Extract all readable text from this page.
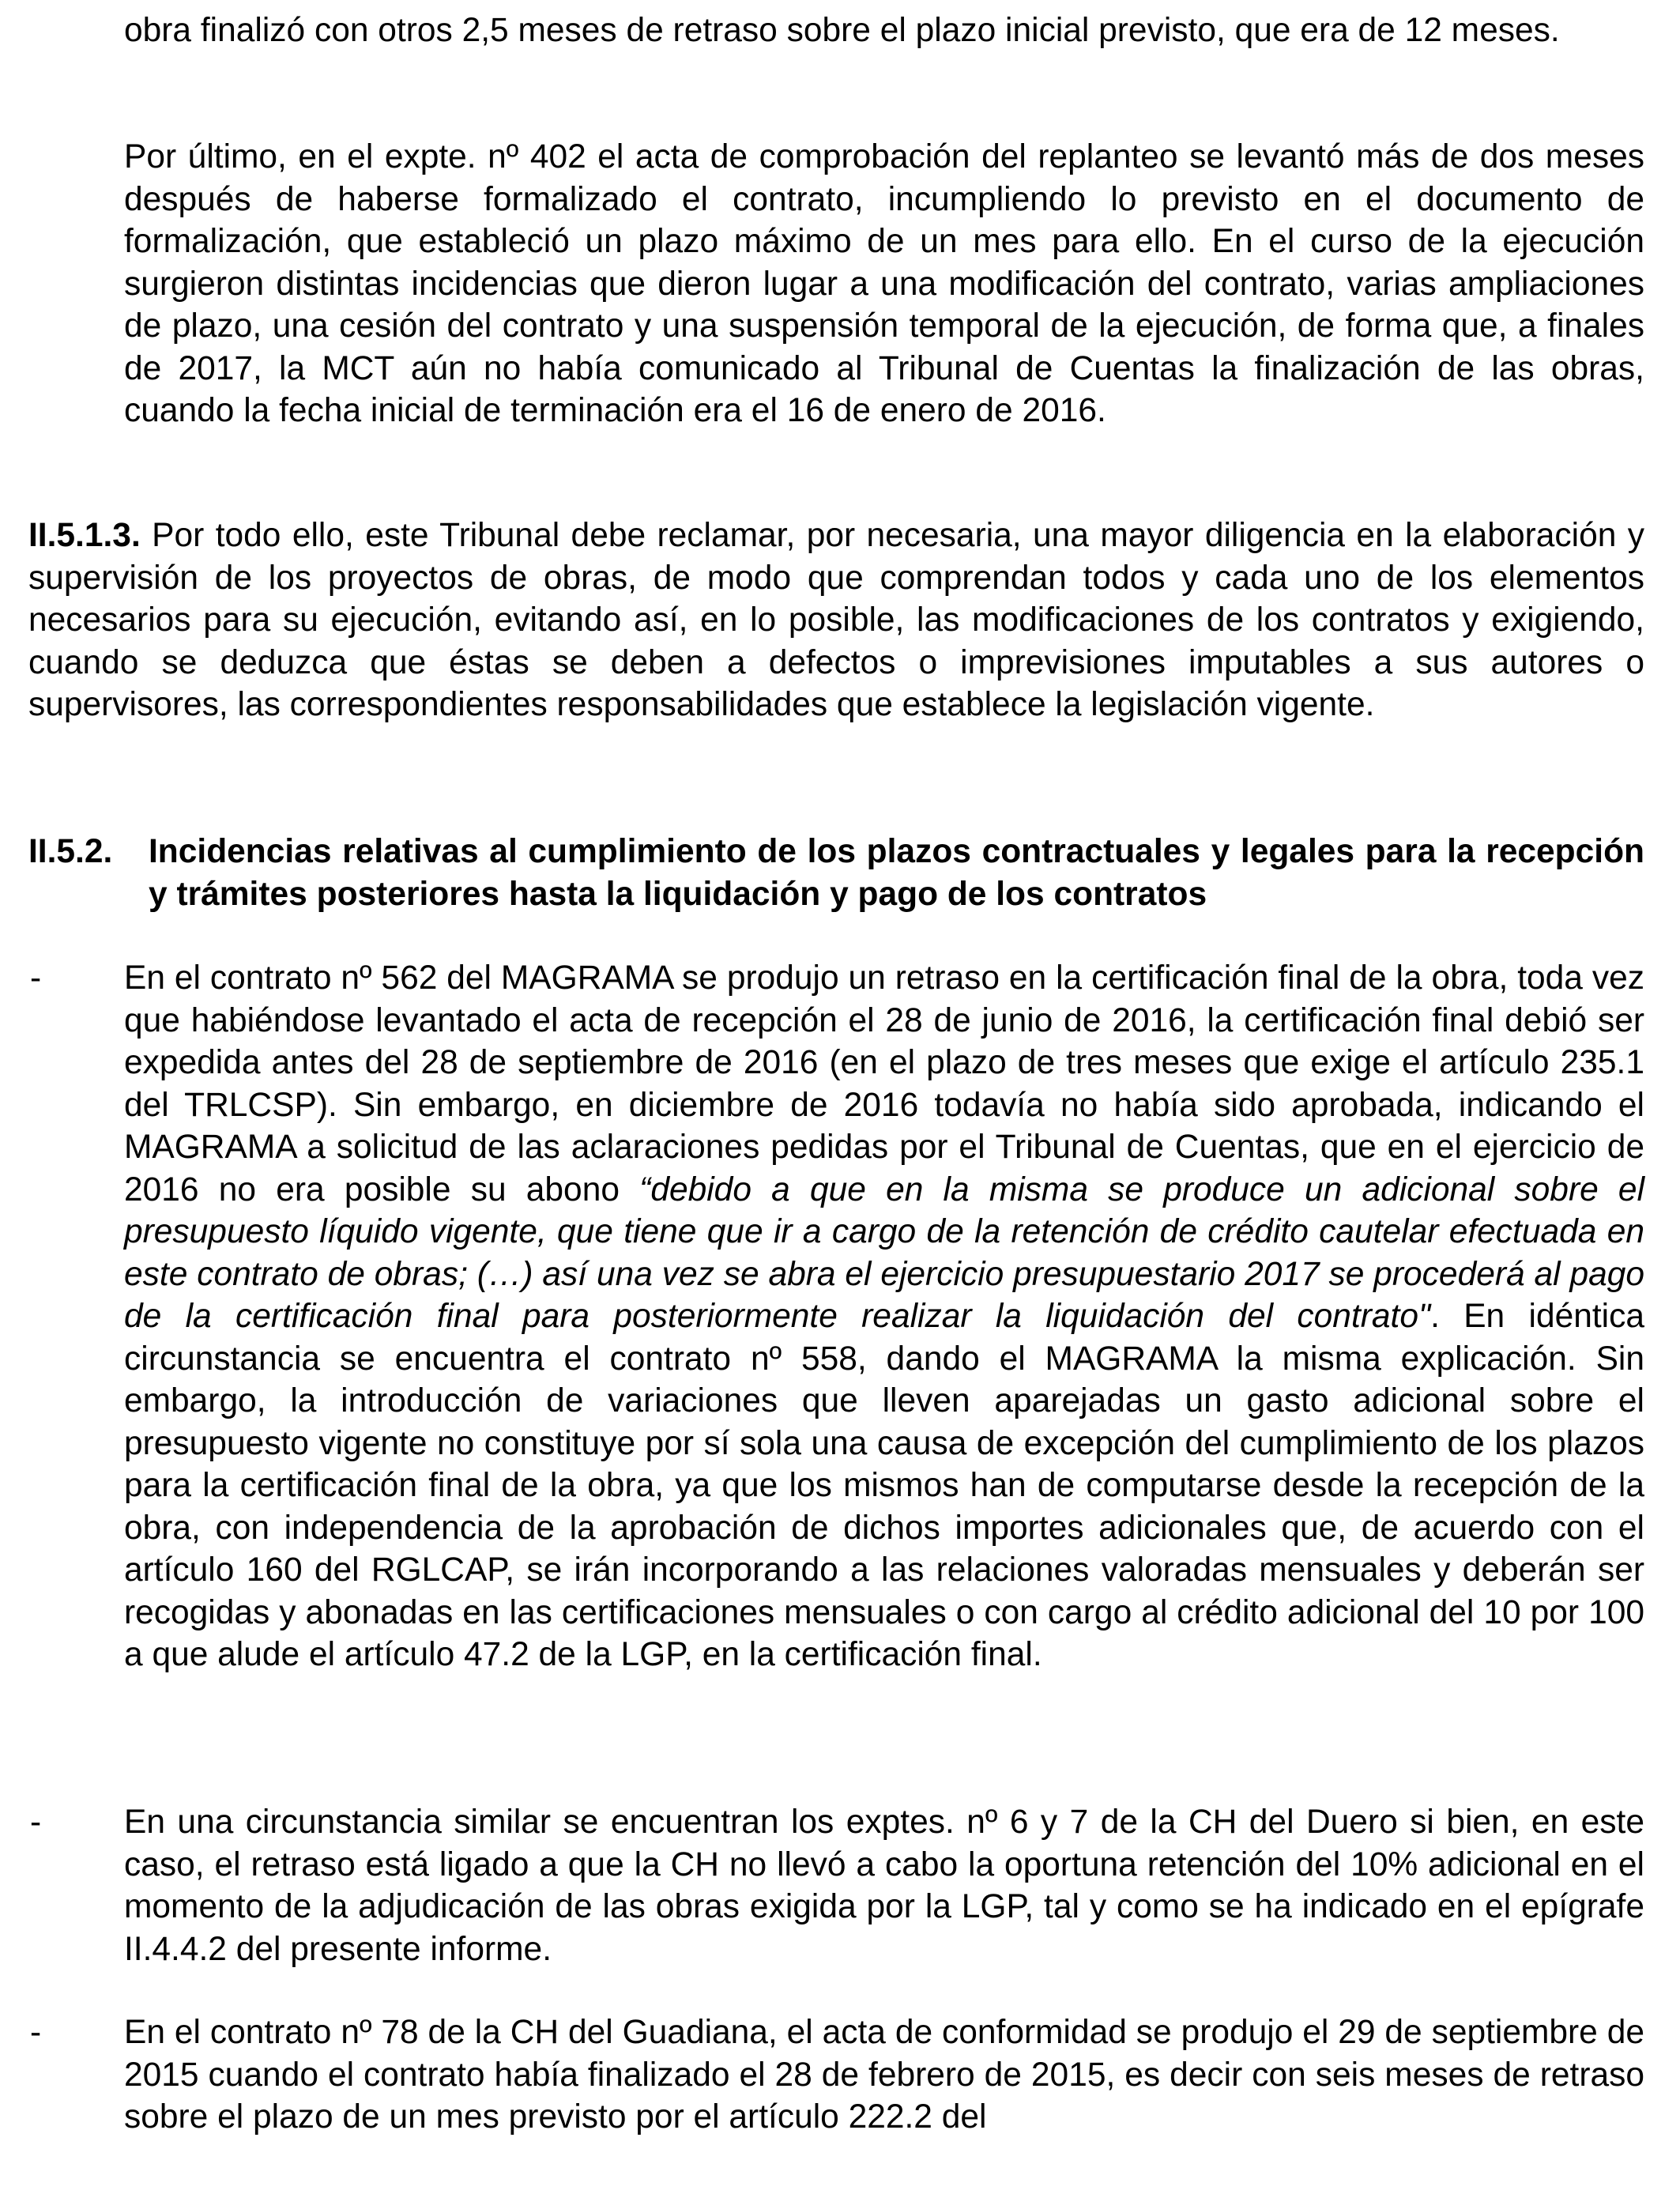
obra finalizó con otros 2,5 meses de retraso sobre el plazo inicial previsto, que era de 12 meses.

Por último, en el expte. nº 402 el acta de comprobación del replanteo se levantó más de dos meses después de haberse formalizado el contrato, incumpliendo lo previsto en el documento de formalización, que estableció un plazo máximo de un mes para ello. En el curso de la ejecución surgieron distintas incidencias que dieron lugar a una modificación del contrato, varias ampliaciones de plazo, una cesión del contrato y una suspensión temporal de la ejecución, de forma que, a finales de 2017, la MCT aún no había comunicado al Tribunal de Cuentas la finalización de las obras, cuando la fecha inicial de terminación era el 16 de enero de 2016.

II.5.1.3. Por todo ello, este Tribunal debe reclamar, por necesaria, una mayor diligencia en la elaboración y supervisión de los proyectos de obras, de modo que comprendan todos y cada uno de los elementos necesarios para su ejecución, evitando así, en lo posible, las modificaciones de los contratos y exigiendo, cuando se deduzca que éstas se deben a defectos o imprevisiones imputables a sus autores o supervisores, las correspondientes responsabilidades que establece la legislación vigente.

II.5.2. Incidencias relativas al cumplimiento de los plazos contractuales y legales para la recepción y trámites posteriores hasta la liquidación y pago de los contratos

- En el contrato nº 562 del MAGRAMA se produjo un retraso en la certificación final de la obra, toda vez que habiéndose levantado el acta de recepción el 28 de junio de 2016, la certificación final debió ser expedida antes del 28 de septiembre de 2016 (en el plazo de tres meses que exige el artículo 235.1 del TRLCSP). Sin embargo, en diciembre de 2016 todavía no había sido aprobada, indicando el MAGRAMA a solicitud de las aclaraciones pedidas por el Tribunal de Cuentas, que en el ejercicio de 2016 no era posible su abono “debido a que en la misma se produce un adicional sobre el presupuesto líquido vigente, que tiene que ir a cargo de la retención de crédito cautelar efectuada en este contrato de obras; (…) así una vez se abra el ejercicio presupuestario 2017 se procederá al pago de la certificación final para posteriormente realizar la liquidación del contrato". En idéntica circunstancia se encuentra el contrato nº 558, dando el MAGRAMA la misma explicación. Sin embargo, la introducción de variaciones que lleven aparejadas un gasto adicional sobre el presupuesto vigente no constituye por sí sola una causa de excepción del cumplimiento de los plazos para la certificación final de la obra, ya que los mismos han de computarse desde la recepción de la obra, con independencia de la aprobación de dichos importes adicionales que, de acuerdo con el artículo 160 del RGLCAP, se irán incorporando a las relaciones valoradas mensuales y deberán ser recogidas y abonadas en las certificaciones mensuales o con cargo al crédito adicional del 10 por 100 a que alude el artículo 47.2 de la LGP, en la certificación final.

- En una circunstancia similar se encuentran los exptes. nº 6 y 7 de la CH del Duero si bien, en este caso, el retraso está ligado a que la CH no llevó a cabo la oportuna retención del 10% adicional en el momento de la adjudicación de las obras exigida por la LGP, tal y como se ha indicado en el epígrafe II.4.4.2 del presente informe.

- En el contrato nº 78 de la CH del Guadiana, el acta de conformidad se produjo el 29 de septiembre de 2015 cuando el contrato había finalizado el 28 de febrero de 2015, es decir con seis meses de retraso sobre el plazo de un mes previsto por el artículo 222.2 del
